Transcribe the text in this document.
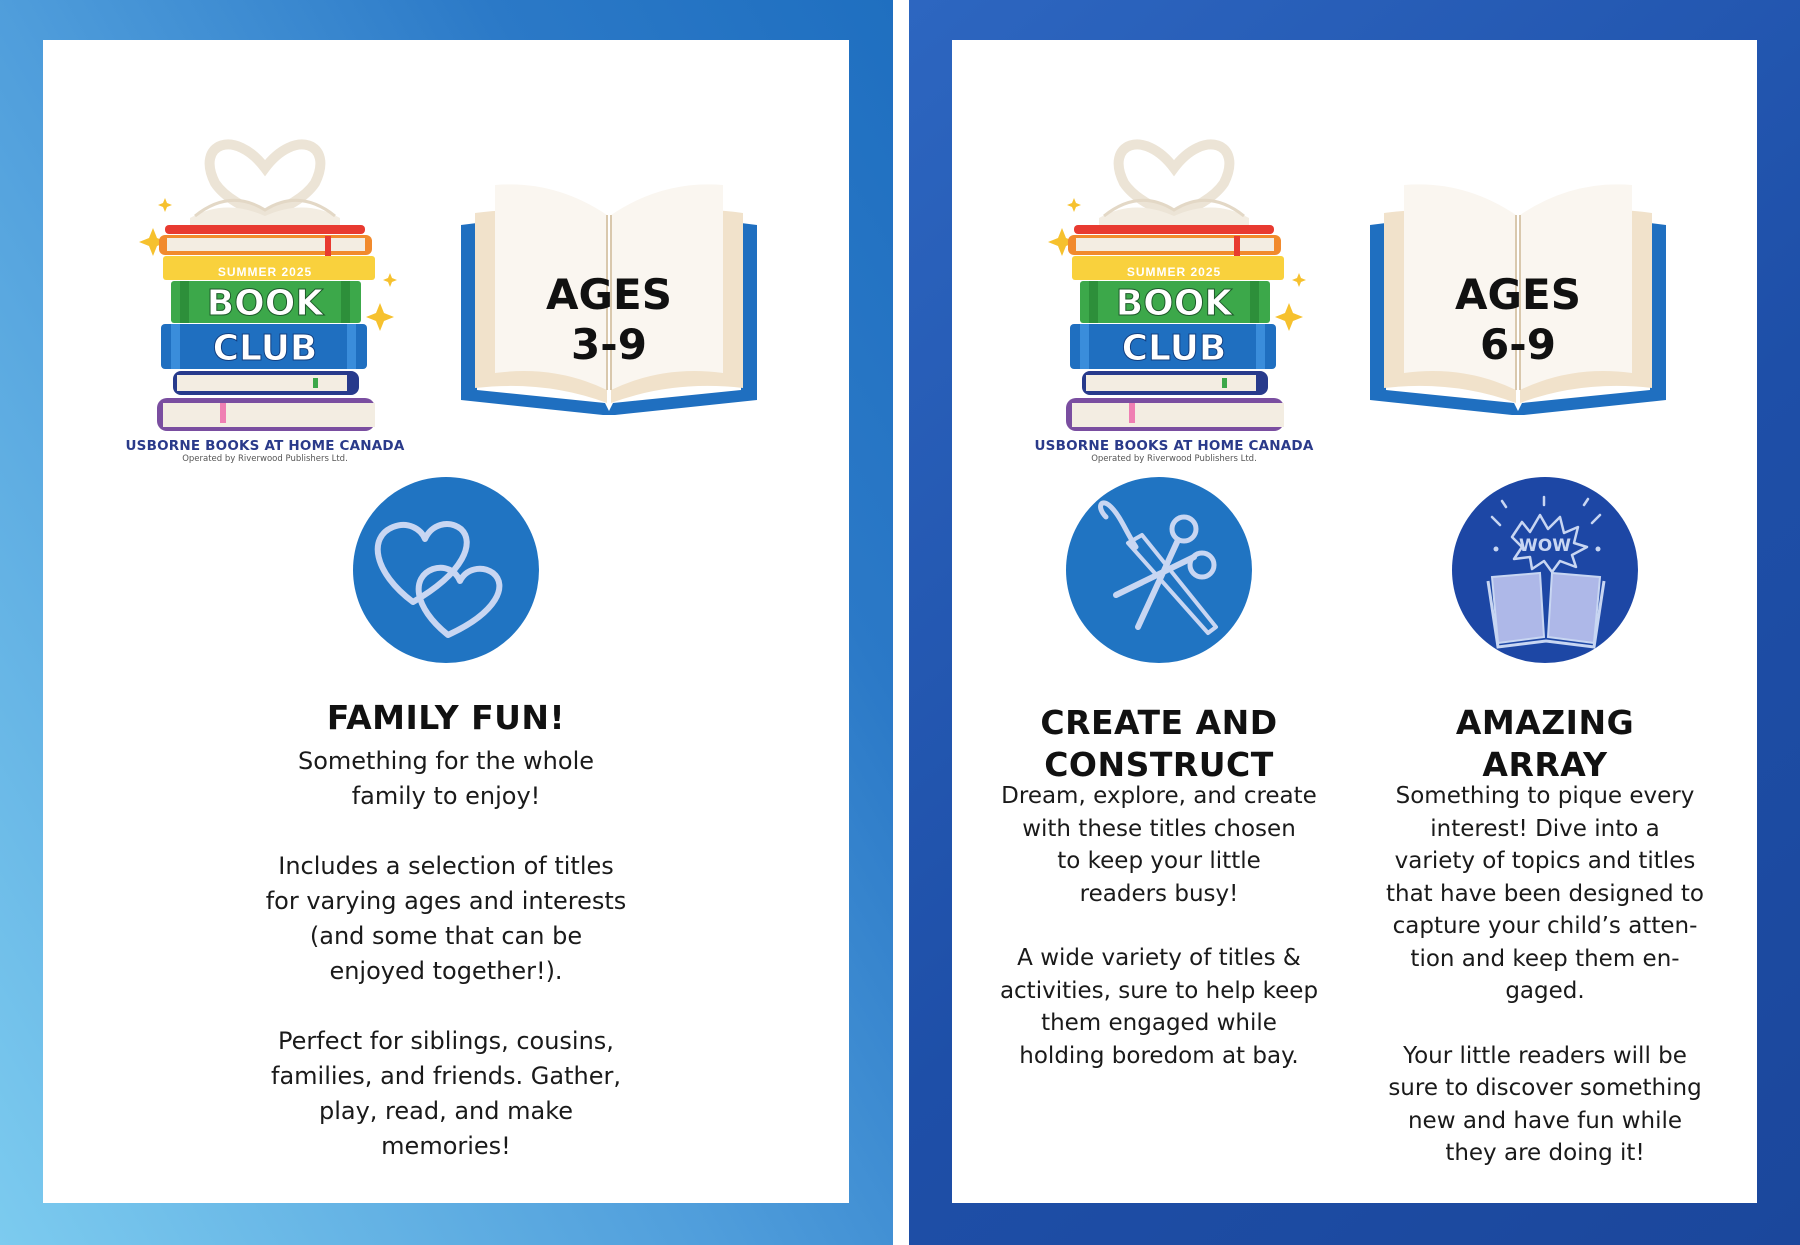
SUMMER 2025
BOOK
CLUB
USBORNE BOOKS AT HOME CANADA
Operated by Riverwood Publishers Ltd.
AGES
3-9
FAMILY FUN!

Something for the whole
family to enjoy!

Includes a selection of titles
for varying ages and interests
(and some that can be
enjoyed together!).

Perfect for siblings, cousins,
families, and friends. Gather,
play, read, and make
memories!

SUMMER 2025
BOOK
CLUB
USBORNE BOOKS AT HOME CANADA
Operated by Riverwood Publishers Ltd.
AGES
6-9
CREATE AND
CONSTRUCT

Dream, explore, and create
with these titles chosen
to keep your little
readers busy!

A wide variety of titles &
activities, sure to help keep
them engaged while
holding boredom at bay.

WOW
AMAZING
ARRAY

Something to pique every
interest! Dive into a
variety of topics and titles
that have been designed to
capture your child’s atten-
tion and keep them en-
gaged.

Your little readers will be
sure to discover something
new and have fun while
they are doing it!
